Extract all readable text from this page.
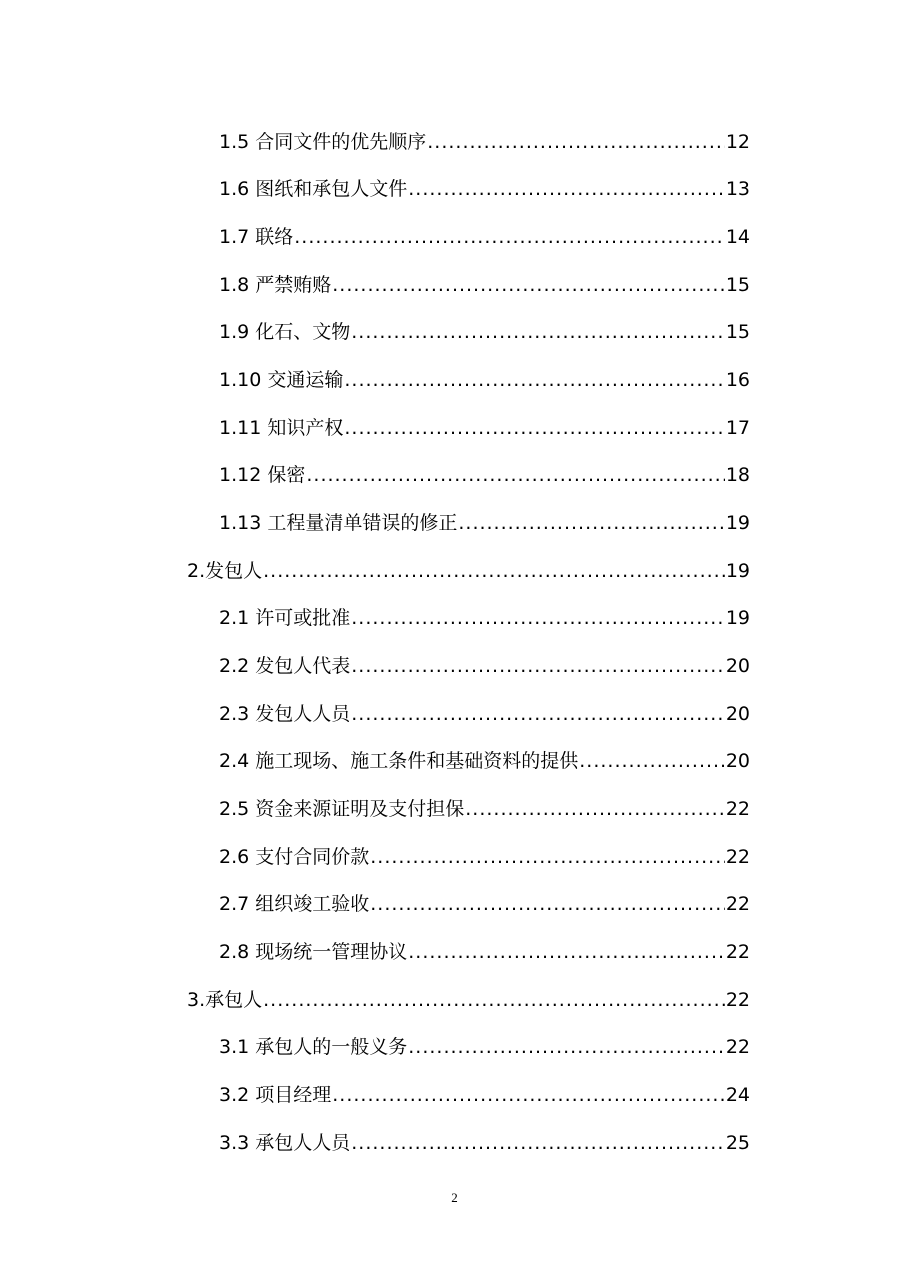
1.5 合同文件的优先顺序 .....	12
1.6 图纸和承包人文件 .....	13
1.7 联络 .....	14
1.8 严禁贿赂 .....	15
1.9 化石、文物 .....	15
1.10 交通运输 .....	16
1.11 知识产权 .....	17
1.12 保密 .....	18
1.13 工程量清单错误的修正 .....	19
2.发包人 .....	19
2.1 许可或批准 .....	19
2.2 发包人代表 .....	20
2.3 发包人人员 .....	20
2.4 施工现场、施工条件和基础资料的提供 .....	20
2.5 资金来源证明及支付担保 .....	22
2.6 支付合同价款 .....	22
2.7 组织竣工验收 .....	22
2.8 现场统一管理协议 .....	22
3.承包人 .....	22
3.1 承包人的一般义务 .....	22
3.2 项目经理 .....	24
3.3 承包人人员 .....	25
2
